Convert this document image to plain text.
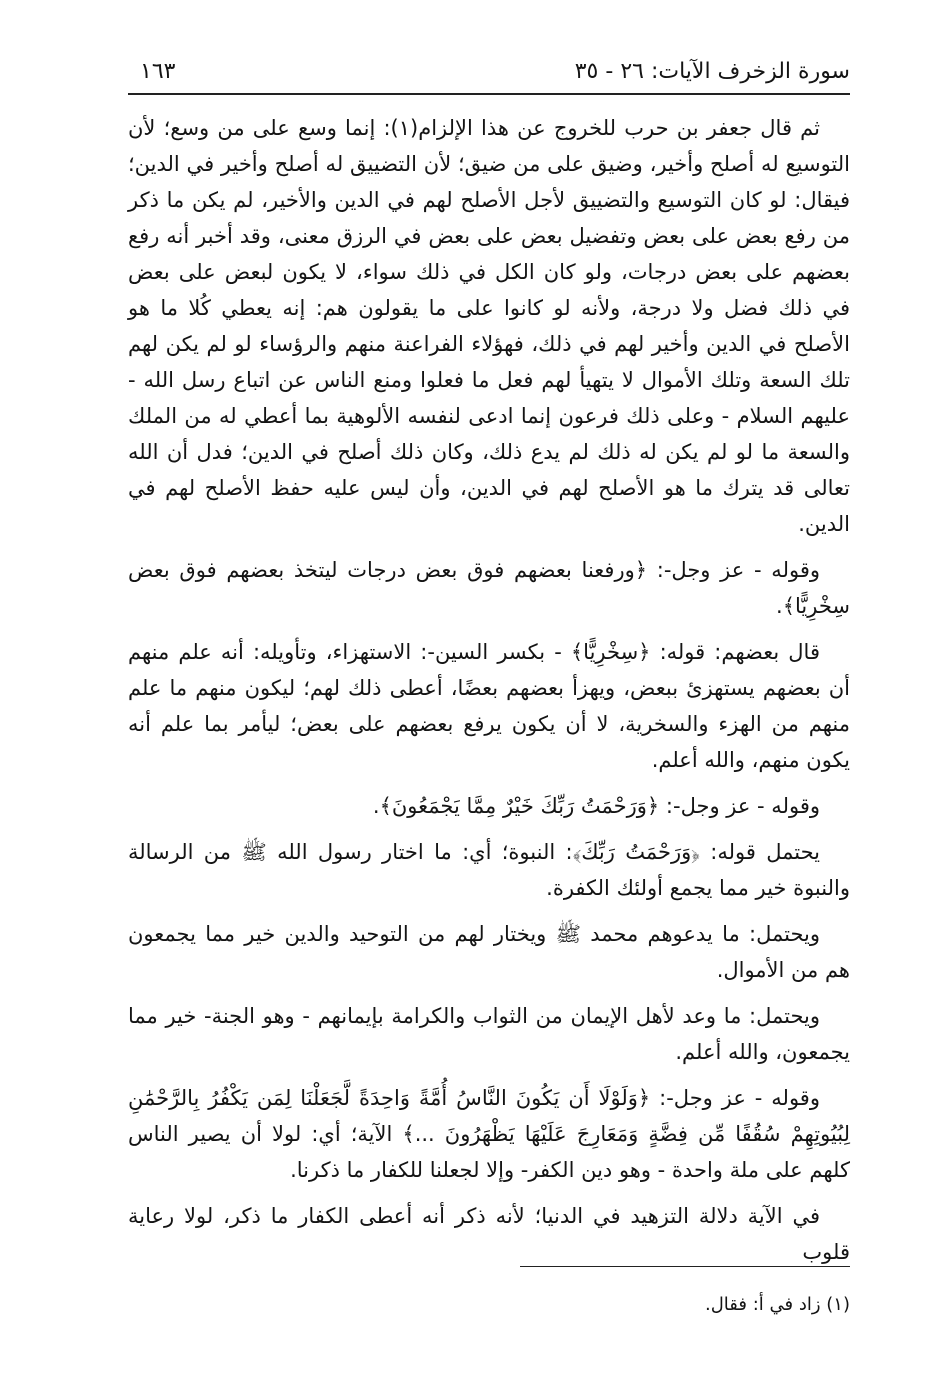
سورة الزخرف الآيات: ٢٦ - ٣٥
١٦٣

ثم قال جعفر بن حرب للخروج عن هذا الإلزام(١): إنما وسع على من وسع؛ لأن التوسيع له أصلح وأخير، وضيق على من ضيق؛ لأن التضييق له أصلح وأخير في الدين؛ فيقال: لو كان التوسيع والتضييق لأجل الأصلح لهم في الدين والأخير، لم يكن ما ذكر من رفع بعض على بعض وتفضيل بعض على بعض في الرزق معنى، وقد أخبر أنه رفع بعضهم على بعض درجات، ولو كان الكل في ذلك سواء، لا يكون لبعض على بعض في ذلك فضل ولا درجة، ولأنه لو كانوا على ما يقولون هم: إنه يعطي كُلا ما هو الأصلح في الدين وأخير لهم في ذلك، فهؤلاء الفراعنة منهم والرؤساء لو لم يكن لهم تلك السعة وتلك الأموال لا يتهيأ لهم فعل ما فعلوا ومنع الناس عن اتباع رسل الله - عليهم السلام - وعلى ذلك فرعون إنما ادعى لنفسه الألوهية بما أعطي له من الملك والسعة ما لو لم يكن له ذلك لم يدع ذلك، وكان ذلك أصلح في الدين؛ فدل أن الله تعالى قد يترك ما هو الأصلح لهم في الدين، وأن ليس عليه حفظ الأصلح لهم في الدين.

وقوله - عز وجل-: ﴿ورفعنا بعضهم فوق بعض درجات ليتخذ بعضهم فوق بعض سِخْرِيًّا﴾.

قال بعضهم: قوله: ﴿سِخْرِيًّا﴾ - بكسر السين-: الاستهزاء، وتأويله: أنه علم منهم أن بعضهم يستهزئ ببعض، ويهزأ بعضهم بعضًا، أعطى ذلك لهم؛ ليكون منهم ما علم منهم من الهزء والسخرية، لا أن يكون يرفع بعضهم على بعض؛ ليأمر بما علم أنه يكون منهم، والله أعلم.

وقوله - عز وجل-: ﴿وَرَحْمَتُ رَبِّكَ خَيْرٌ مِمَّا يَجْمَعُونَ﴾.

يحتمل قوله: ﴿وَرَحْمَتُ رَبِّكَ﴾: النبوة؛ أي: ما اختار رسول الله ﷺ من الرسالة والنبوة خير مما يجمع أولئك الكفرة.

ويحتمل: ما يدعوهم محمد ﷺ ويختار لهم من التوحيد والدين خير مما يجمعون هم من الأموال.

ويحتمل: ما وعد لأهل الإيمان من الثواب والكرامة بإيمانهم - وهو الجنة- خير مما يجمعون، والله أعلم.

وقوله - عز وجل-: ﴿وَلَوْلَا أَن يَكُونَ النَّاسُ أُمَّةً وَاحِدَةً لَّجَعَلْنَا لِمَن يَكْفُرُ بِالرَّحْمَٰنِ لِبُيُوتِهِمْ سُقُفًا مِّن فِضَّةٍ وَمَعَارِجَ عَلَيْهَا يَظْهَرُونَ ...﴾ الآية؛ أي: لولا أن يصير الناس كلهم على ملة واحدة - وهو دين الكفر- وإلا لجعلنا للكفار ما ذكرنا.

في الآية دلالة التزهيد في الدنيا؛ لأنه ذكر أنه أعطى الكفار ما ذكر، لولا رعاية قلوب

(١) زاد في أ: فقال.
